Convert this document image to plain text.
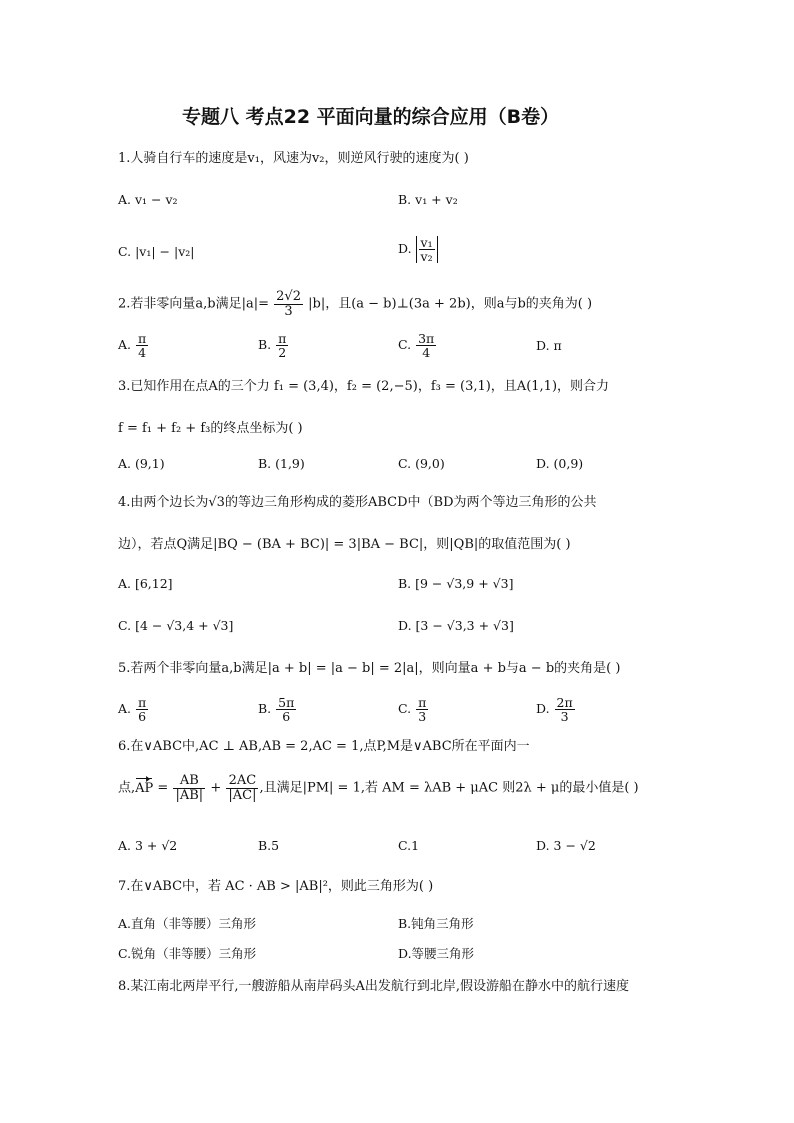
专题八 考点22 平面向量的综合应用（B卷）
1.人骑自行车的速度是v₁，风速为v₂，则逆风行驶的速度为( )
A. v₁ − v₂	B. v₁ + v₂
C. |v₁| − |v₂|	D. $\frac{\text{v₁}}{\text{v₂}}$
2.若非零向量a,b满足$|a|= \frac{2√2}{3} |b|$，且(a − b)⊥(3a + 2b)，则a与b的夹角为( )
A. $\frac{\pi}{4}$	B. $\frac{\pi}{2}$	C. $\frac{3\pi}{4}$	D. π
3.已知作用在点A的三个力 f₁ = (3,4)，f₂ = (2,−5)，f₃ = (3,1)，且A(1,1)，则合力
f = f₁ + f₂ + f₃的终点坐标为( )
A. (9,1)	B. (1,9)	C. (9,0)	D. (0,9)
4.由两个边长为√3的等边三角形构成的菱形ABCD中（BD为两个等边三角形的公共
边），若点Q满足|BQ − (BA + BC)| = 3|BA − BC|，则|QB|的取值范围为( )
A. [6,12]	B. [9 − √3,9 + √3]
C. [4 − √3,4 + √3]	D. [3 − √3,3 + √3]
5.若两个非零向量a,b满足|a + b| = |a − b| = 2|a|，则向量a + b与a − b的夹角是( )
A. $\frac{\pi}{6}$	B. $\frac{5\pi}{6}$	C. $\frac{\pi}{3}$	D. $\frac{2\pi}{3}$
6.在∨ABC中,AC ⊥ AB,AB = 2,AC = 1,点P,M是∨ABC所在平面内一
点$,AP = \frac{AB}{|AB|} + \frac{2AC}{|AC|}$ ,且满足|PM| = 1,若 AM = λAB + μAC 则2λ + μ的最小值是( )
A. 3 + √2	B.5	C.1	D. 3 − √2
7.在∨ABC中，若 AC · AB > |AB|²，则此三角形为( )
A.直角（非等腰）三角形	B.钝角三角形
C.锐角（非等腰）三角形	D.等腰三角形
8.某江南北两岸平行,一艘游船从南岸码头A出发航行到北岸,假设游船在静水中的航行速度
